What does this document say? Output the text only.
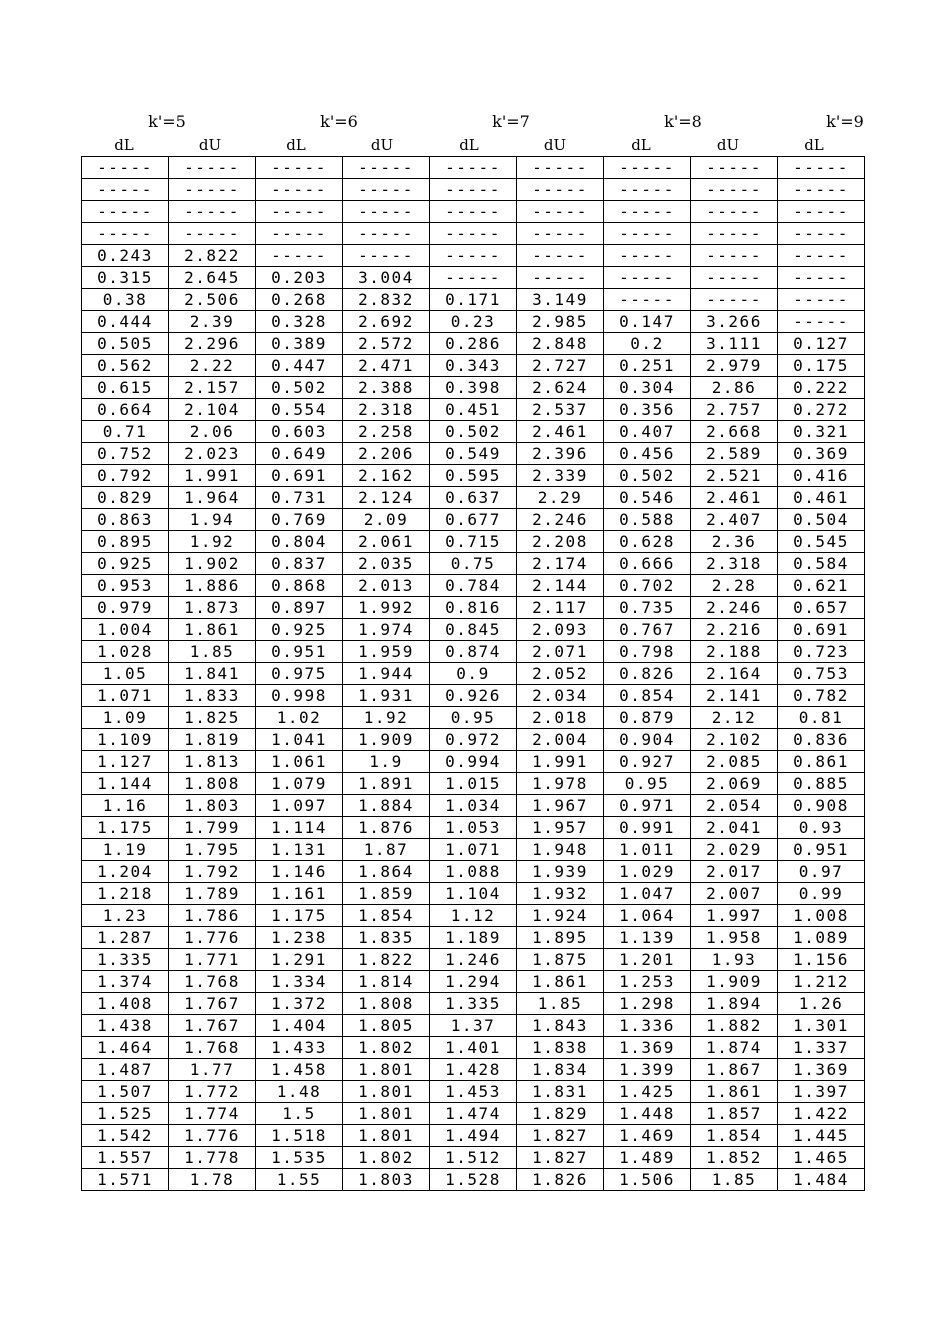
k'=5	k'=6	k'=7	k'=8	k'=9
dL	dU	dL	dU	dL	dU	dL	dU	dL
-----	-----	-----	-----	-----	-----	-----	-----	-----
-----	-----	-----	-----	-----	-----	-----	-----	-----
-----	-----	-----	-----	-----	-----	-----	-----	-----
-----	-----	-----	-----	-----	-----	-----	-----	-----
0.243	2.822	-----	-----	-----	-----	-----	-----	-----
0.315	2.645	0.203	3.004	-----	-----	-----	-----	-----
0.38	2.506	0.268	2.832	0.171	3.149	-----	-----	-----
0.444	2.39	0.328	2.692	0.23	2.985	0.147	3.266	-----
0.505	2.296	0.389	2.572	0.286	2.848	0.2	3.111	0.127
0.562	2.22	0.447	2.471	0.343	2.727	0.251	2.979	0.175
0.615	2.157	0.502	2.388	0.398	2.624	0.304	2.86	0.222
0.664	2.104	0.554	2.318	0.451	2.537	0.356	2.757	0.272
0.71	2.06	0.603	2.258	0.502	2.461	0.407	2.668	0.321
0.752	2.023	0.649	2.206	0.549	2.396	0.456	2.589	0.369
0.792	1.991	0.691	2.162	0.595	2.339	0.502	2.521	0.416
0.829	1.964	0.731	2.124	0.637	2.29	0.546	2.461	0.461
0.863	1.94	0.769	2.09	0.677	2.246	0.588	2.407	0.504
0.895	1.92	0.804	2.061	0.715	2.208	0.628	2.36	0.545
0.925	1.902	0.837	2.035	0.75	2.174	0.666	2.318	0.584
0.953	1.886	0.868	2.013	0.784	2.144	0.702	2.28	0.621
0.979	1.873	0.897	1.992	0.816	2.117	0.735	2.246	0.657
1.004	1.861	0.925	1.974	0.845	2.093	0.767	2.216	0.691
1.028	1.85	0.951	1.959	0.874	2.071	0.798	2.188	0.723
1.05	1.841	0.975	1.944	0.9	2.052	0.826	2.164	0.753
1.071	1.833	0.998	1.931	0.926	2.034	0.854	2.141	0.782
1.09	1.825	1.02	1.92	0.95	2.018	0.879	2.12	0.81
1.109	1.819	1.041	1.909	0.972	2.004	0.904	2.102	0.836
1.127	1.813	1.061	1.9	0.994	1.991	0.927	2.085	0.861
1.144	1.808	1.079	1.891	1.015	1.978	0.95	2.069	0.885
1.16	1.803	1.097	1.884	1.034	1.967	0.971	2.054	0.908
1.175	1.799	1.114	1.876	1.053	1.957	0.991	2.041	0.93
1.19	1.795	1.131	1.87	1.071	1.948	1.011	2.029	0.951
1.204	1.792	1.146	1.864	1.088	1.939	1.029	2.017	0.97
1.218	1.789	1.161	1.859	1.104	1.932	1.047	2.007	0.99
1.23	1.786	1.175	1.854	1.12	1.924	1.064	1.997	1.008
1.287	1.776	1.238	1.835	1.189	1.895	1.139	1.958	1.089
1.335	1.771	1.291	1.822	1.246	1.875	1.201	1.93	1.156
1.374	1.768	1.334	1.814	1.294	1.861	1.253	1.909	1.212
1.408	1.767	1.372	1.808	1.335	1.85	1.298	1.894	1.26
1.438	1.767	1.404	1.805	1.37	1.843	1.336	1.882	1.301
1.464	1.768	1.433	1.802	1.401	1.838	1.369	1.874	1.337
1.487	1.77	1.458	1.801	1.428	1.834	1.399	1.867	1.369
1.507	1.772	1.48	1.801	1.453	1.831	1.425	1.861	1.397
1.525	1.774	1.5	1.801	1.474	1.829	1.448	1.857	1.422
1.542	1.776	1.518	1.801	1.494	1.827	1.469	1.854	1.445
1.557	1.778	1.535	1.802	1.512	1.827	1.489	1.852	1.465
1.571	1.78	1.55	1.803	1.528	1.826	1.506	1.85	1.484
